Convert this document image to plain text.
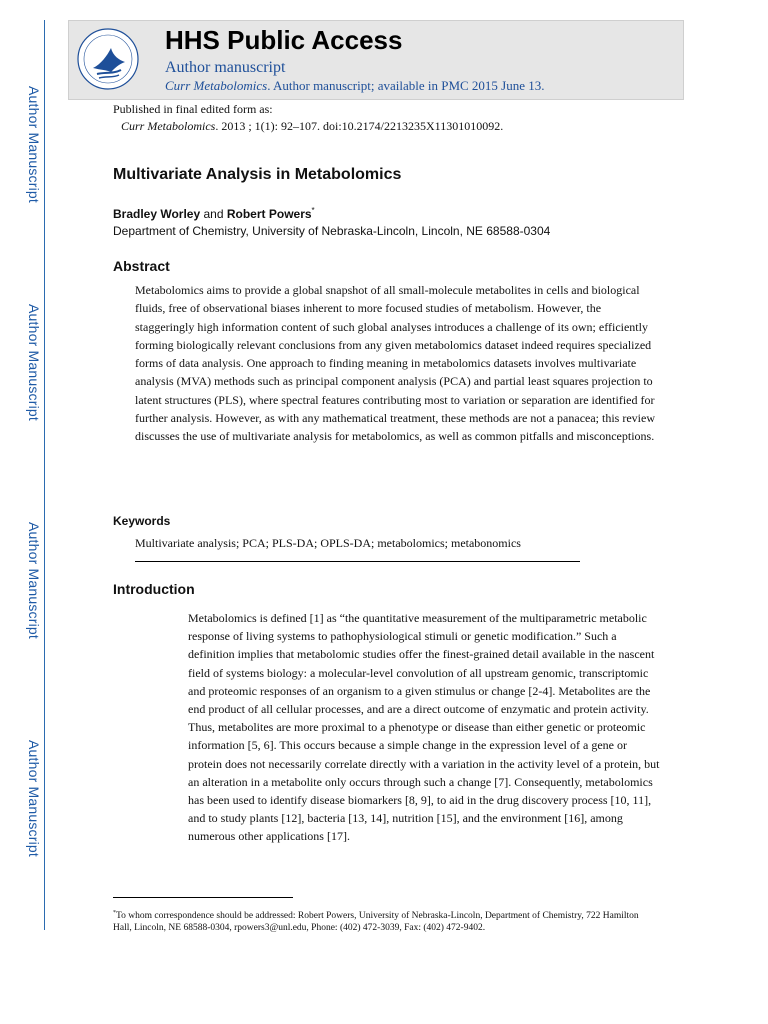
Author Manuscript
Author Manuscript
Author Manuscript
Author Manuscript
HHS Public Access
Author manuscript
Curr Metabolomics. Author manuscript; available in PMC 2015 June 13.
Published in final edited form as:
Curr Metabolomics. 2013 ; 1(1): 92–107. doi:10.2174/2213235X11301010092.
Multivariate Analysis in Metabolomics
Bradley Worley and Robert Powers*
Department of Chemistry, University of Nebraska-Lincoln, Lincoln, NE 68588-0304
Abstract
Metabolomics aims to provide a global snapshot of all small-molecule metabolites in cells and biological fluids, free of observational biases inherent to more focused studies of metabolism. However, the staggeringly high information content of such global analyses introduces a challenge of its own; efficiently forming biologically relevant conclusions from any given metabolomics dataset indeed requires specialized forms of data analysis. One approach to finding meaning in metabolomics datasets involves multivariate analysis (MVA) methods such as principal component analysis (PCA) and partial least squares projection to latent structures (PLS), where spectral features contributing most to variation or separation are identified for further analysis. However, as with any mathematical treatment, these methods are not a panacea; this review discusses the use of multivariate analysis for metabolomics, as well as common pitfalls and misconceptions.
Keywords
Multivariate analysis; PCA; PLS-DA; OPLS-DA; metabolomics; metabonomics
Introduction
Metabolomics is defined [1] as “the quantitative measurement of the multiparametric metabolic response of living systems to pathophysiological stimuli or genetic modification.” Such a definition implies that metabolomic studies offer the finest-grained detail available in the nascent field of systems biology: a molecular-level convolution of all upstream genomic, transcriptomic and proteomic responses of an organism to a given stimulus or change [2-4]. Metabolites are the end product of all cellular processes, and are a direct outcome of enzymatic and protein activity. Thus, metabolites are more proximal to a phenotype or disease than either genetic or proteomic information [5, 6]. This occurs because a simple change in the expression level of a gene or protein does not necessarily correlate directly with a variation in the activity level of a protein, but an alteration in a metabolite only occurs through such a change [7]. Consequently, metabolomics has been used to identify disease biomarkers [8, 9], to aid in the drug discovery process [10, 11], and to study plants [12], bacteria [13, 14], nutrition [15], and the environment [16], among numerous other applications [17].
*To whom correspondence should be addressed: Robert Powers, University of Nebraska-Lincoln, Department of Chemistry, 722 Hamilton Hall, Lincoln, NE 68588-0304, rpowers3@unl.edu, Phone: (402) 472-3039, Fax: (402) 472-9402.
